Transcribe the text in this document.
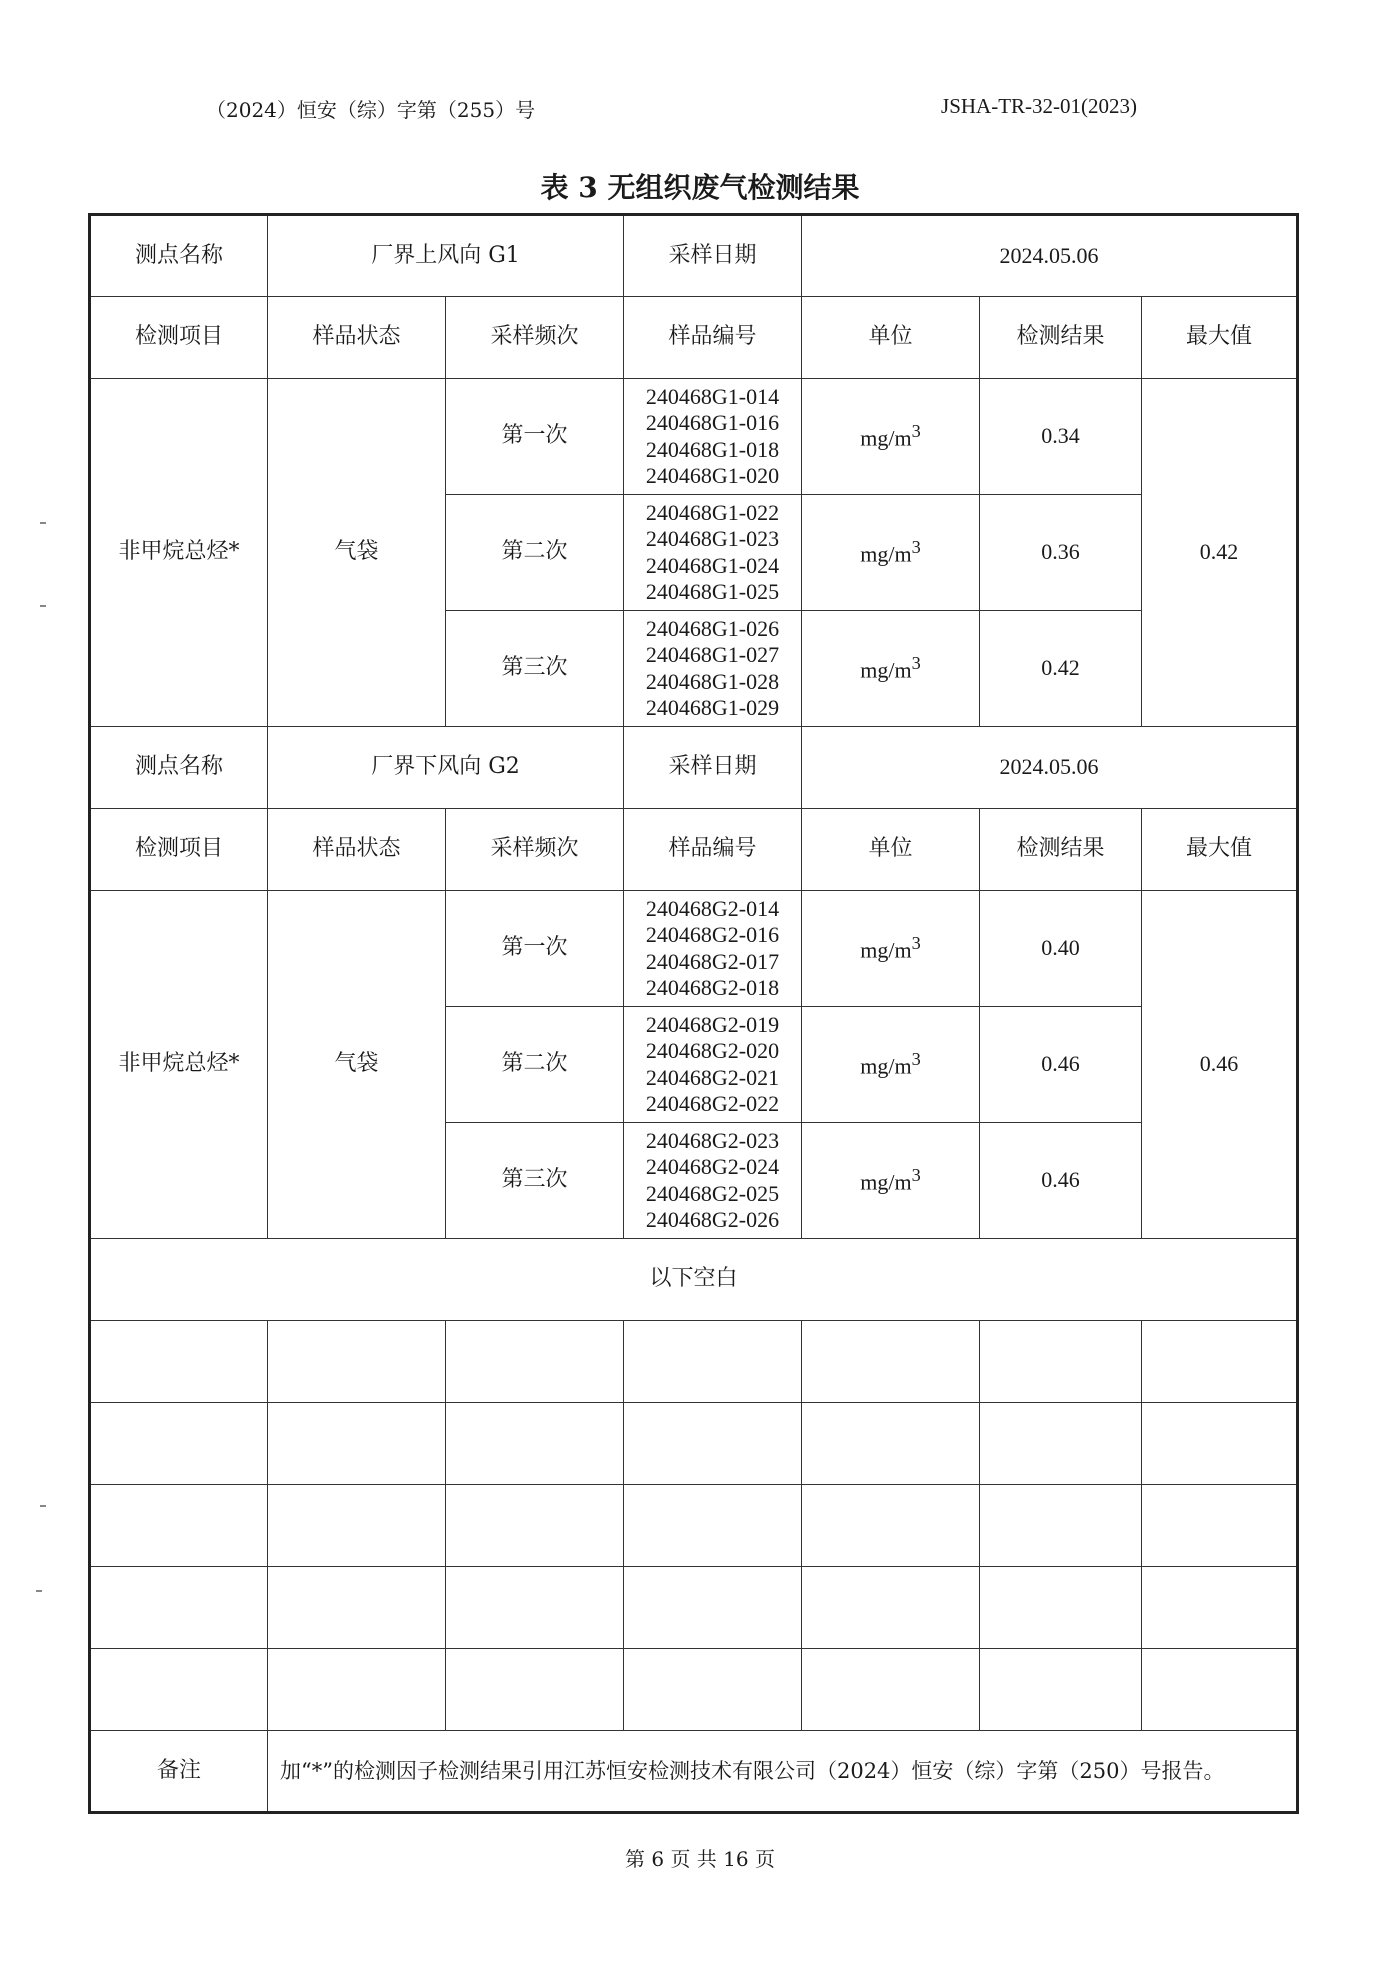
（2024）恒安（综）字第（255）号	JSHA-TR-32-01(2023)
表 3 无组织废气检测结果
测点名称	厂界上风向 G1		采样日期	2024.05.06		
检测项目	样品状态	采样频次	样品编号	单位	检测结果	最大值
非甲烷总烃*	气袋	第一次	240468G1-014
240468G1-016
240468G1-018
240468G1-020	$mg/m^3$	0.34	0.42
		第二次	240468G1-022
240468G1-023
240468G1-024
240468G1-025	$mg/m^3$	0.36	
		第三次	240468G1-026
240468G1-027
240468G1-028
240468G1-029	$mg/m^3$	0.42	
测点名称	厂界下风向 G2		采样日期	2024.05.06		
检测项目	样品状态	采样频次	样品编号	单位	检测结果	最大值
非甲烷总烃*	气袋	第一次	240468G2-014
240468G2-016
240468G2-017
240468G2-018	$mg/m^3$	0.40	0.46
		第二次	240468G2-019
240468G2-020
240468G2-021
240468G2-022	$mg/m^3$	0.46	
		第三次	240468G2-023
240468G2-024
240468G2-025
240468G2-026	$mg/m^3$	0.46	
以下空白						

备注	加“*”的检测因子检测结果引用江苏恒安检测技术有限公司（2024）恒安（综）字第（250）号报告。					
第 6 页 共 16 页
